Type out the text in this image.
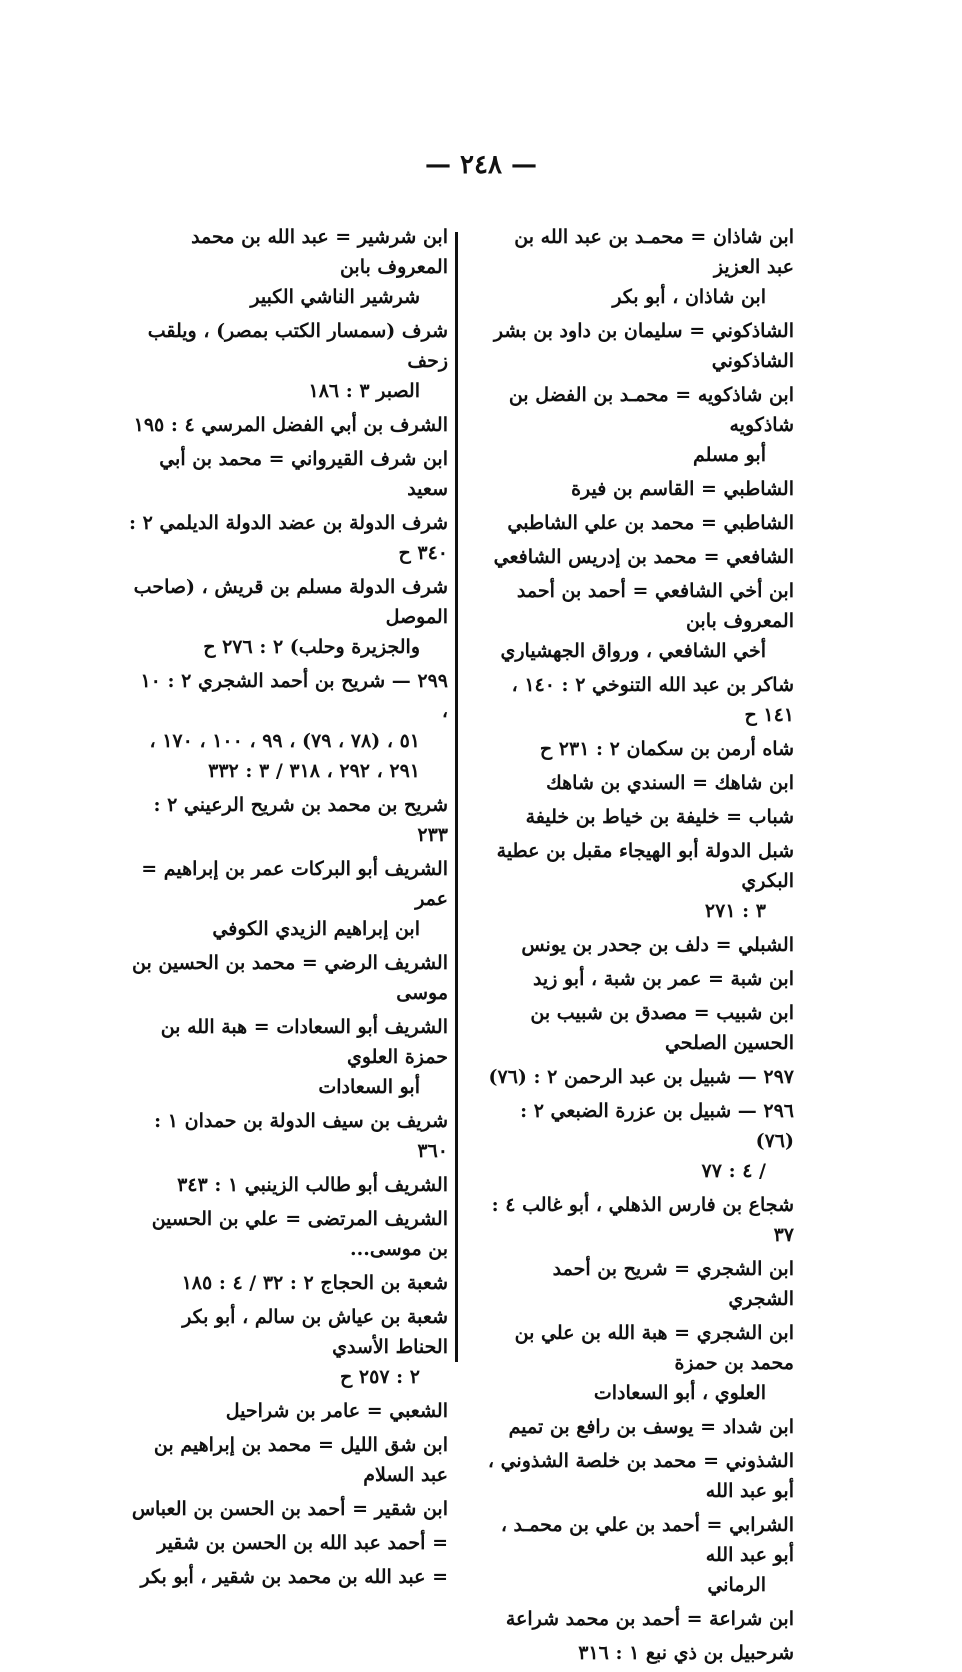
— ٢٤٨ —
ابن شاذان = محمـد بن عبد الله بن عبد العزيز
ابن شاذان ، أبو بكر
الشاذكوني = سليمان بن داود بن بشر الشاذكوني
ابن شاذكويه = محمـد بن الفضل بن شاذكويه
أبو مسلم
الشاطبي = القاسم بن فيرة
الشاطبي = محمد بن علي الشاطبي
الشافعي = محمد بن إدريس الشافعي
ابن أخي الشافعي = أحمد بن أحمد المعروف بابن
أخي الشافعي ، ورواق الجهشياري
شاكر بن عبد الله التنوخي ٢ : ١٤٠ ، ١٤١ ح
شاه أرمن بن سكمان ٢ : ٢٣١ ح
ابن شاهك = السندي بن شاهك
شباب = خليفة بن خياط بن خليفة
شبل الدولة أبو الهيجاء مقبل بن عطية البكري
٣ : ٢٧١
الشبلي = دلف بن جحدر بن يونس
ابن شبة = عمر بن شبة ، أبو زيد
ابن شبيب = مصدق بن شبيب بن الحسين الصلحي
٢٩٧ — شبيل بن عبد الرحمن ٢ : (٧٦)
٢٩٦ — شبيل بن عزرة الضبعي ٢ : (٧٦)
/ ٤ : ٧٧
شجاع بن فارس الذهلي ، أبو غالب ٤ : ٣٧
ابن الشجري = شريح بن أحمد الشجري
ابن الشجري = هبة الله بن علي بن محمد بن حمزة
العلوي ، أبو السعادات
ابن شداد = يوسف بن رافع بن تميم
الشذوني = محمد بن خلصة الشذوني ، أبو عبد الله
الشرابي = أحمد بن علي بن محمـد ، أبو عبد الله
الرماني
ابن شراعة = أحمد بن محمد شراعة
شرحبيل بن ذي نبع ١ : ٣١٦
ابن شرشير = عبد الله بن محمد المعروف بابن
شرشير الناشي الكبير
شرف (سمسار الكتب بمصر) ، ويلقب زحف
الصبر ٣ : ١٨٦
الشرف بن أبي الفضل المرسي ٤ : ١٩٥
ابن شرف القيرواني = محمد بن أبي سعيد
شرف الدولة بن عضد الدولة الديلمي ٢ : ٣٤٠ ح
شرف الدولة مسلم بن قريش ، (صاحب الموصل
والجزيرة وحلب) ٢ : ٢٧٦ ح
٢٩٩ — شريح بن أحمد الشجري ٢ : ١٠ ،
٥١ ، (٧٨ ، ٧٩) ، ٩٩ ، ١٠٠ ، ١٧٠ ، ٢٩١ ، ٢٩٢ ، ٣١٨ / ٣ : ٣٣٢
شريح بن محمد بن شريح الرعيني ٢ : ٢٣٣
الشريف أبو البركات عمر بن إبراهيم = عمر
ابن إبراهيم الزيدي الكوفي
الشريف الرضي = محمد بن الحسين بن موسى
الشريف أبو السعادات = هبة الله بن حمزة العلوي
أبو السعادات
شريف بن سيف الدولة بن حمدان ١ : ٣٦٠
الشريف أبو طالب الزينبي ١ : ٣٤٣
الشريف المرتضى = علي بن الحسين بن موسى...
شعبة بن الحجاج ٢ : ٣٢ / ٤ : ١٨٥
شعبة بن عياش بن سالم ، أبو بكر الحناط الأسدي
٢ : ٢٥٧ ح
الشعبي = عامر بن شراحيل
ابن شق الليل = محمد بن إبراهيم بن عبد السلام
ابن شقير = أحمد بن الحسن بن العباس
= أحمد عبد الله بن الحسن بن شقير
= عبد الله بن محمد بن شقير ، أبو بكر
